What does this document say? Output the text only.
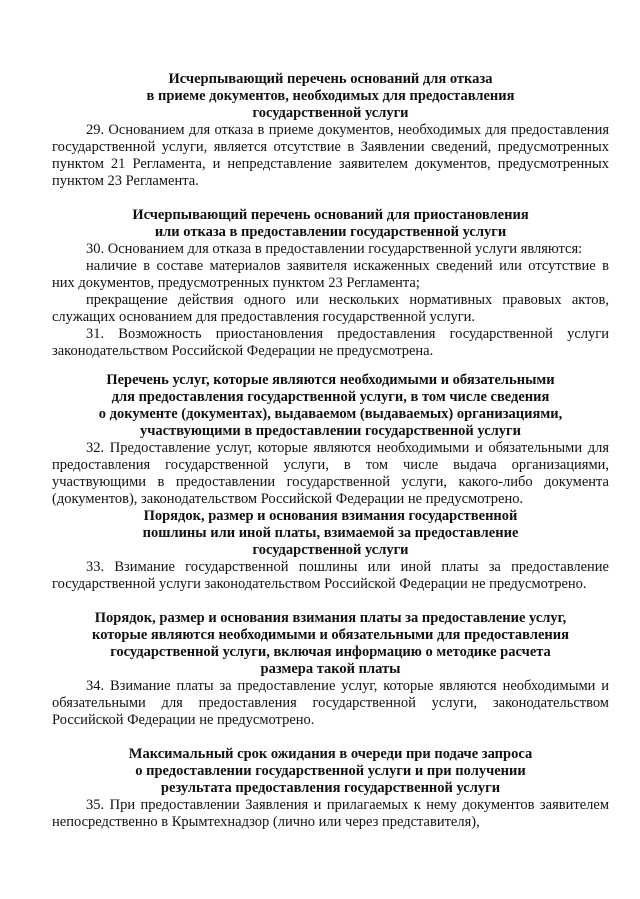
Исчерпывающий перечень оснований для отказа
в приеме документов, необходимых для предоставления
государственной услуги

29. Основанием для отказа в приеме документов, необходимых для предоставления государственной услуги, является отсутствие в Заявлении сведений, предусмотренных пунктом 21 Регламента, и непредставление заявителем документов, предусмотренных пунктом 23 Регламента.

Исчерпывающий перечень оснований для приостановления
или отказа в предоставлении государственной услуги

30. Основанием для отказа в предоставлении государственной услуги являются:

наличие в составе материалов заявителя искаженных сведений или отсутствие в них документов, предусмотренных пунктом 23 Регламента;

прекращение действия одного или нескольких нормативных правовых актов, служащих основанием для предоставления государственной услуги.

31. Возможность приостановления предоставления государственной услуги законодательством Российской Федерации не предусмотрена.

Перечень услуг, которые являются необходимыми и обязательными
для предоставления государственной услуги, в том числе сведения
о документе (документах), выдаваемом (выдаваемых) организациями,
участвующими в предоставлении государственной услуги

32. Предоставление услуг, которые являются необходимыми и обязательными для предоставления государственной услуги, в том числе выдача организациями, участвующими в предоставлении государственной услуги, какого-либо документа (документов), законодательством Российской Федерации не предусмотрено.

Порядок, размер и основания взимания государственной
пошлины или иной платы, взимаемой за предоставление
государственной услуги

33. Взимание государственной пошлины или иной платы за предоставление государственной услуги законодательством Российской Федерации не предусмотрено.

Порядок, размер и основания взимания платы за предоставление услуг,
которые являются необходимыми и обязательными для предоставления
государственной услуги, включая информацию о методике расчета
размера такой платы

34. Взимание платы за предоставление услуг, которые являются необходимыми и обязательными для предоставления государственной услуги, законодательством Российской Федерации не предусмотрено.

Максимальный срок ожидания в очереди при подаче запроса
о предоставлении государственной услуги и при получении
результата предоставления государственной услуги

35. При предоставлении Заявления и прилагаемых к нему документов заявителем непосредственно в Крымтехнадзор (лично или через представителя),
